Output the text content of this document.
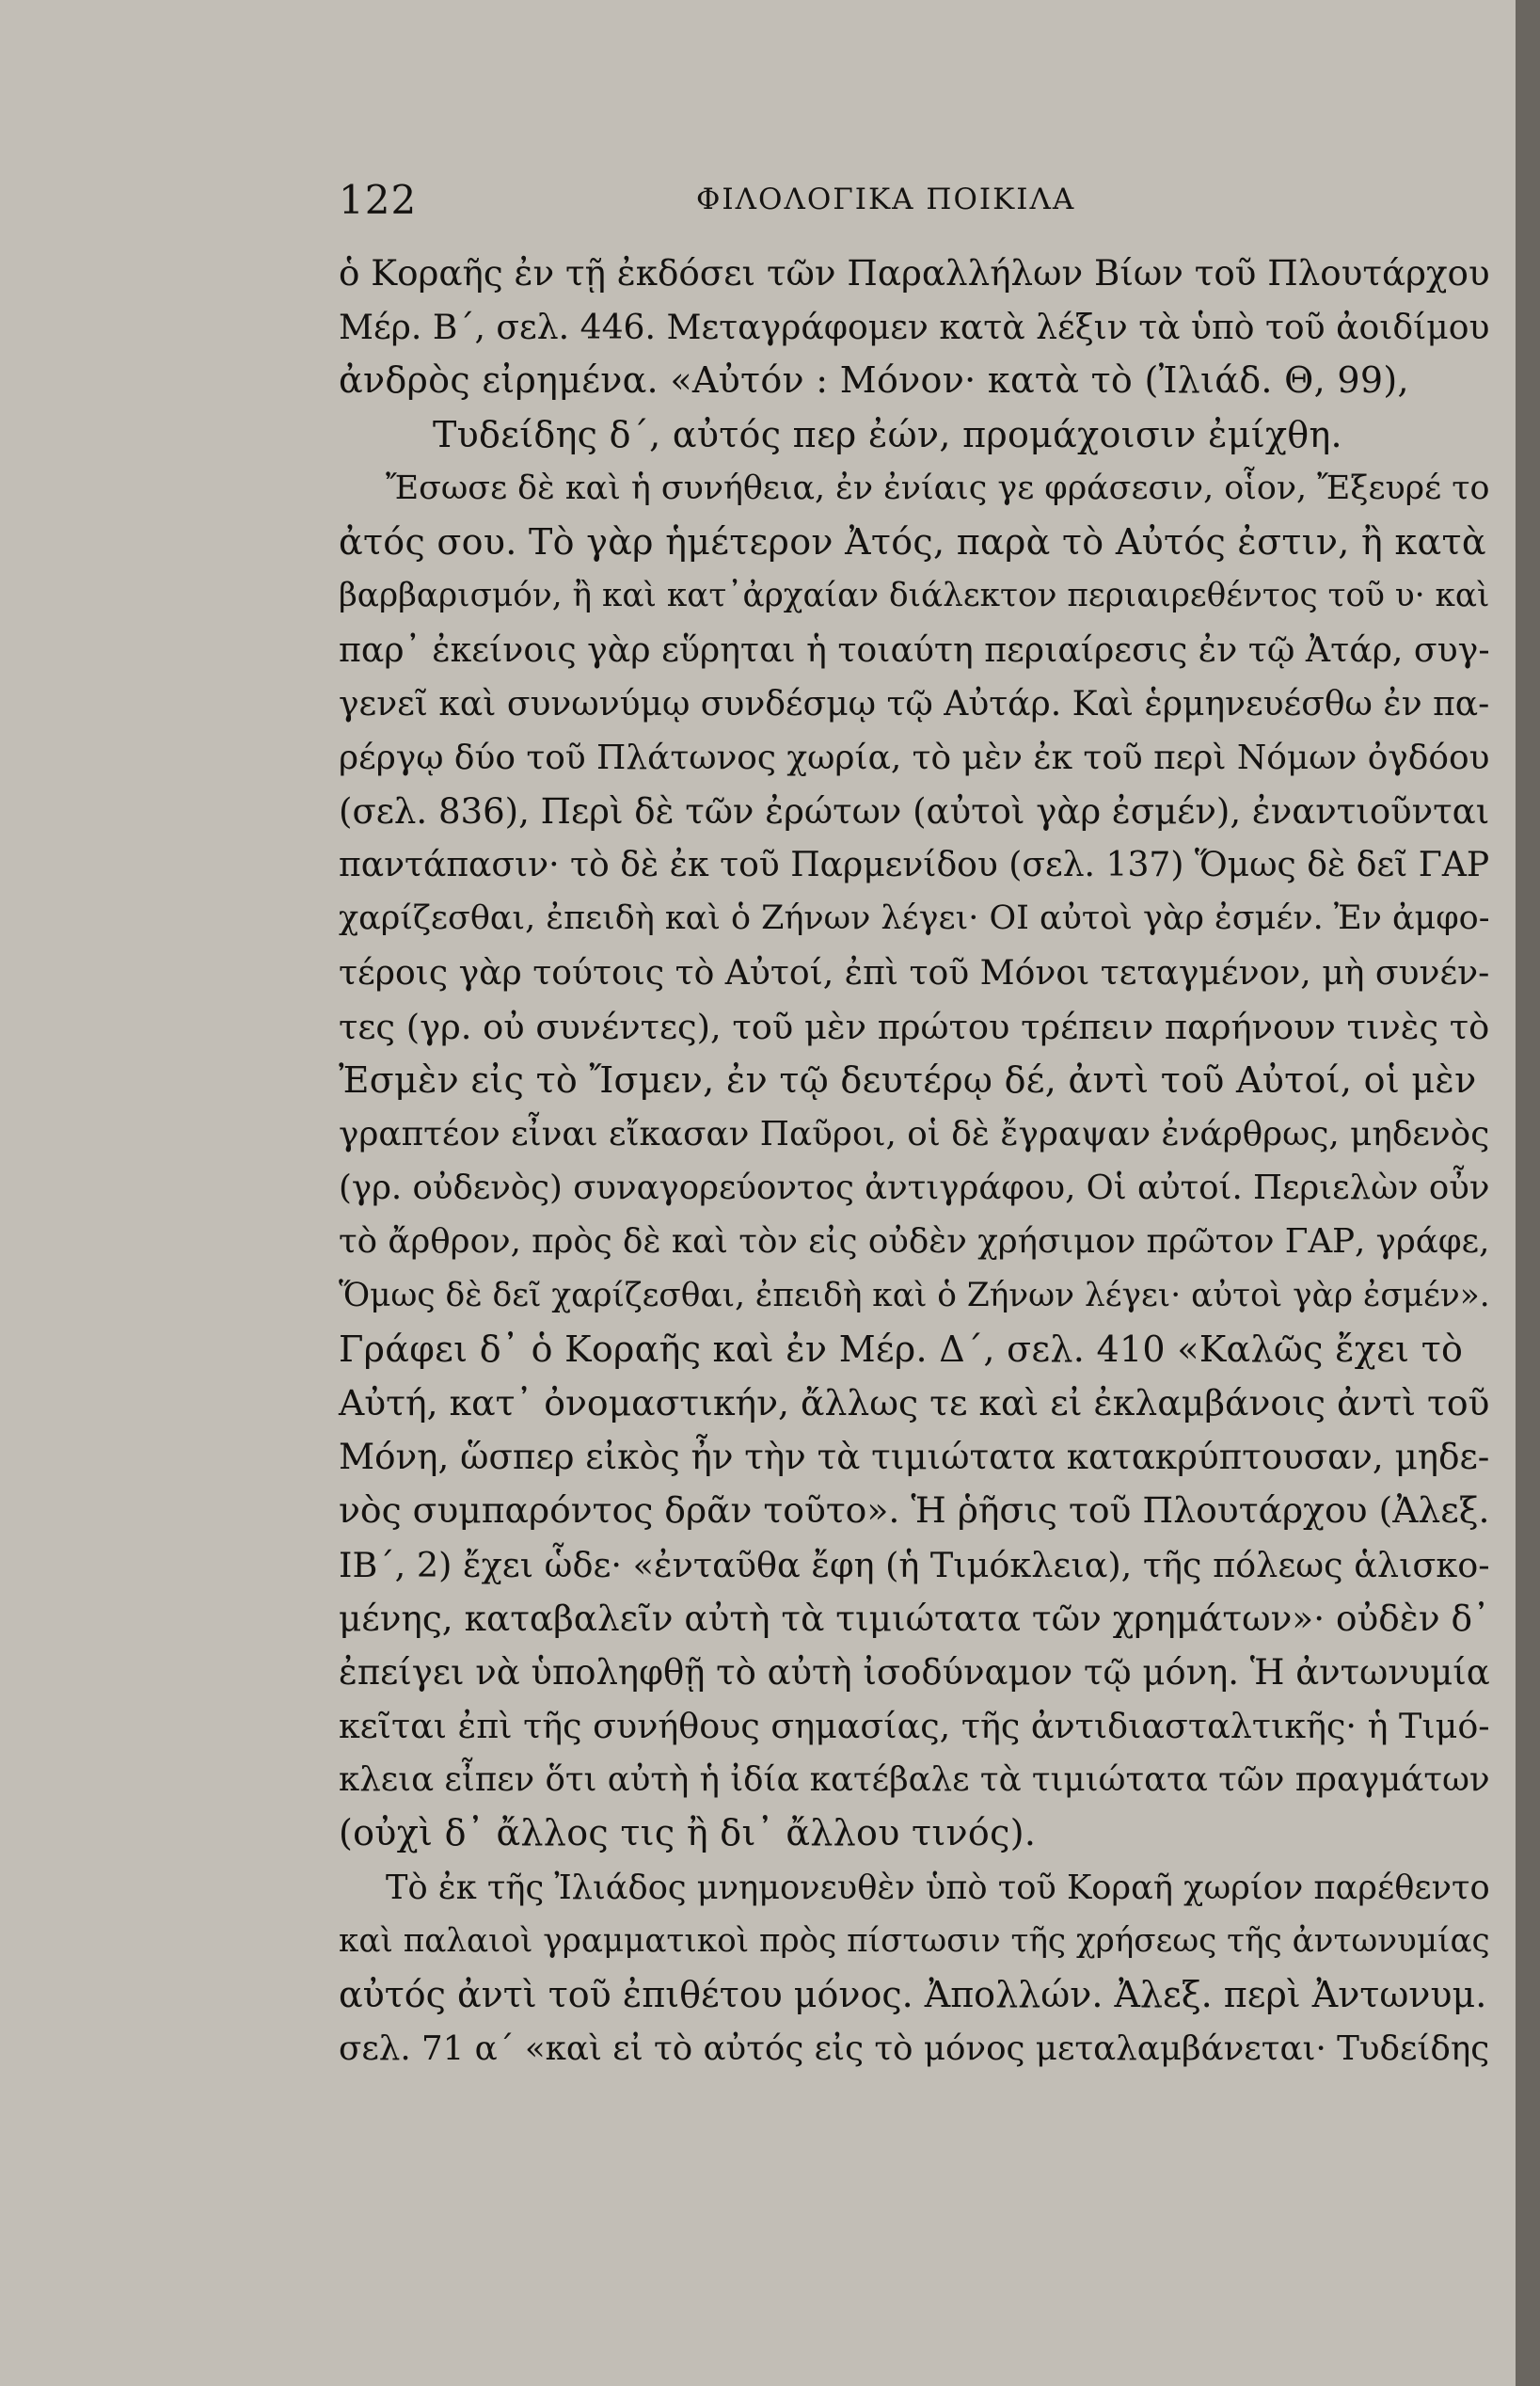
122	ΦΙΛΟΛΟΓΙΚΑ ΠΟΙΚΙΛΑ
ὁ Κοραῆς ἐν τῇ ἐκδόσει τῶν Παραλλήλων Βίων τοῦ Πλουτάρχου
Μέρ. Β΄, σελ. 446. Μεταγράφομεν κατὰ λέξιν τὰ ὑπὸ τοῦ ἀοιδίμου
ἀνδρὸς εἰρημένα. «Αὐτόν : Μόνον· κατὰ τὸ (Ἰλιάδ. Θ, 99),
Τυδείδης δ΄, αὐτός περ ἐών, προμάχοισιν ἐμίχθη.
Ἔσωσε δὲ καὶ ἡ συνήθεια, ἐν ἐνίαις γε φράσεσιν, οἷον, Ἔξευρέ το
ἀτός σου. Τὸ γὰρ ἡμέτερον Ἀτός, παρὰ τὸ Αὐτός ἐστιν, ἢ κατὰ
βαρβαρισμόν, ἢ καὶ κατ᾽ἀρχαίαν διάλεκτον περιαιρεθέντος τοῦ υ· καὶ
παρ᾽ ἐκείνοις γὰρ εὕρηται ἡ τοιαύτη περιαίρεσις ἐν τῷ Ἀτάρ, συγ-
γενεῖ καὶ συνωνύμῳ συνδέσμῳ τῷ Αὐτάρ. Καὶ ἑρμηνευέσθω ἐν πα-
ρέργῳ δύο τοῦ Πλάτωνος χωρία, τὸ μὲν ἐκ τοῦ περὶ Νόμων ὀγδόου
(σελ. 836), Περὶ δὲ τῶν ἐρώτων (αὐτοὶ γὰρ ἐσμέν), ἐναντιοῦνται
παντάπασιν· τὸ δὲ ἐκ τοῦ Παρμενίδου (σελ. 137) Ὅμως δὲ δεῖ ΓΑΡ
χαρίζεσθαι, ἐπειδὴ καὶ ὁ Ζήνων λέγει· ΟΙ αὐτοὶ γὰρ ἐσμέν. Ἐν ἀμφο-
τέροις γὰρ τούτοις τὸ Αὐτοί, ἐπὶ τοῦ Μόνοι τεταγμένον, μὴ συνέν-
τες (γρ. οὐ συνέντες), τοῦ μὲν πρώτου τρέπειν παρήνουν τινὲς τὸ
Ἐσμὲν εἰς τὸ Ἴσμεν, ἐν τῷ δευτέρῳ δέ, ἀντὶ τοῦ Αὐτοί, οἱ μὲν
γραπτέον εἶναι εἴκασαν Παῦροι, οἱ δὲ ἔγραψαν ἐνάρθρως, μηδενὸς
(γρ. οὐδενὸς) συναγορεύοντος ἀντιγράφου, Οἱ αὐτοί. Περιελὼν οὖν
τὸ ἄρθρον, πρὸς δὲ καὶ τὸν εἰς οὐδὲν χρήσιμον πρῶτον ΓΑΡ, γράφε,
Ὅμως δὲ δεῖ χαρίζεσθαι, ἐπειδὴ καὶ ὁ Ζήνων λέγει· αὐτοὶ γὰρ ἐσμέν».
Γράφει δ᾽ ὁ Κοραῆς καὶ ἐν Μέρ. Δ΄, σελ. 410 «Καλῶς ἔχει τὸ
Αὐτή, κατ᾽ ὀνομαστικήν, ἄλλως τε καὶ εἰ ἐκλαμβάνοις ἀντὶ τοῦ
Μόνη, ὥσπερ εἰκὸς ἦν τὴν τὰ τιμιώτατα κατακρύπτουσαν, μηδε-
νὸς συμπαρόντος δρᾶν τοῦτο». Ἡ ῥῆσις τοῦ Πλουτάρχου (Ἀλεξ.
ΙΒ΄, 2) ἔχει ὧδε· «ἐνταῦθα ἔφη (ἡ Τιμόκλεια), τῆς πόλεως ἁλισκο-
μένης, καταβαλεῖν αὐτὴ τὰ τιμιώτατα τῶν χρημάτων»· οὐδὲν δ᾽
ἐπείγει νὰ ὑποληφθῇ τὸ αὐτὴ ἰσοδύναμον τῷ μόνη. Ἡ ἀντωνυμία
κεῖται ἐπὶ τῆς συνήθους σημασίας, τῆς ἀντιδιασταλτικῆς· ἡ Τιμό-
κλεια εἶπεν ὅτι αὐτὴ ἡ ἰδία κατέβαλε τὰ τιμιώτατα τῶν πραγμάτων
(οὐχὶ δ᾽ ἄλλος τις ἢ δι᾽ ἄλλου τινός).
Τὸ ἐκ τῆς Ἰλιάδος μνημονευθὲν ὑπὸ τοῦ Κοραῆ χωρίον παρέθεντο
καὶ παλαιοὶ γραμματικοὶ πρὸς πίστωσιν τῆς χρήσεως τῆς ἀντωνυμίας
αὐτός ἀντὶ τοῦ ἐπιθέτου μόνος. Ἀπολλών. Ἀλεξ. περὶ Ἀντωνυμ.
σελ. 71 α΄ «καὶ εἰ τὸ αὐτός εἰς τὸ μόνος μεταλαμβάνεται· Τυδείδης
